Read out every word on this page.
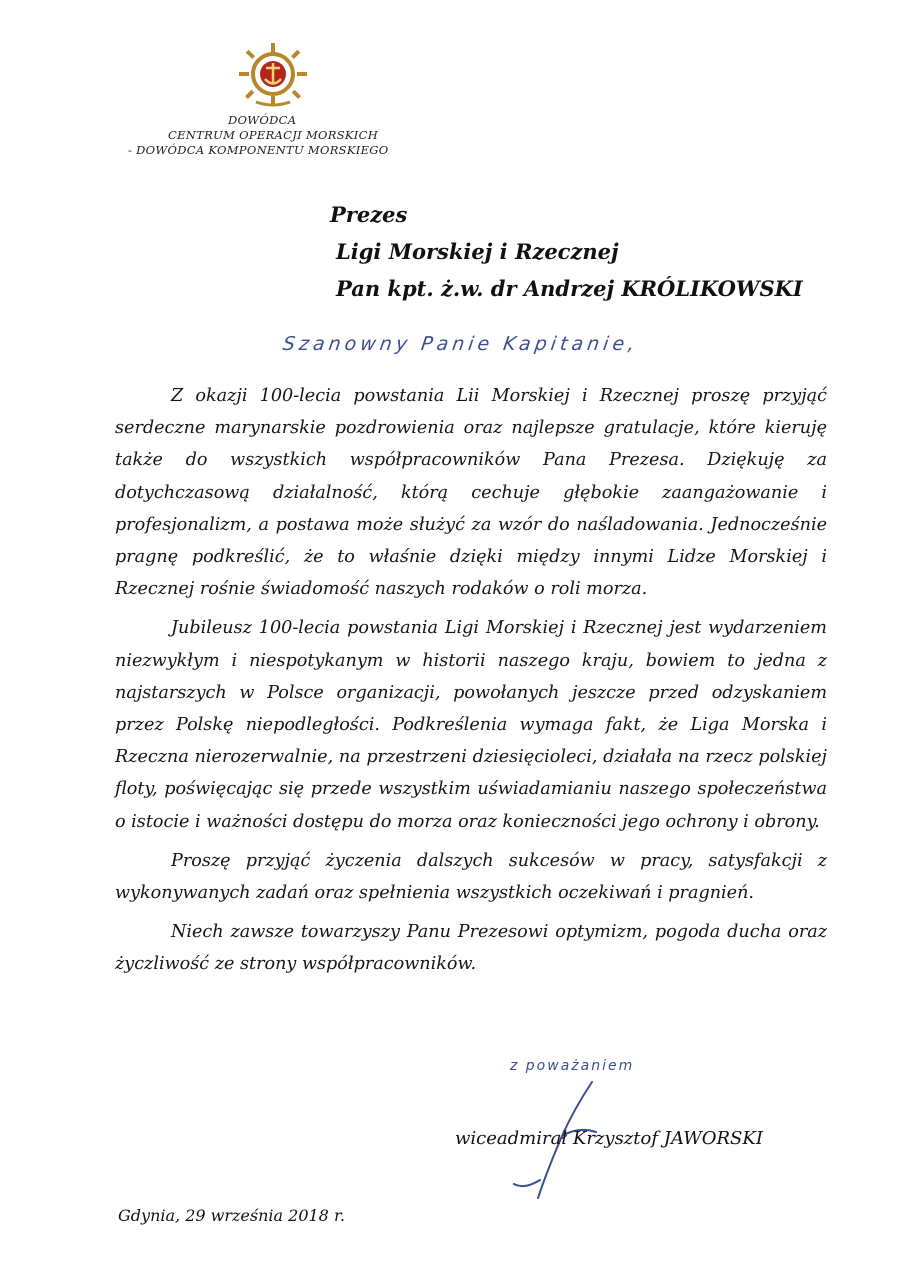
DOWÓDCA
CENTRUM OPERACJI MORSKICH
- DOWÓDCA KOMPONENTU MORSKIEGO
Prezes
Ligi Morskiej i Rzecznej
Pan kpt. ż.w. dr Andrzej KRÓLIKOWSKI
Szanowny Panie Kapitanie,

Z okazji 100-lecia powstania Lii Morskiej i Rzecznej proszę przyjąć serdeczne marynarskie pozdrowienia oraz najlepsze gratulacje, które kieruję także do wszystkich współpracowników Pana Prezesa. Dziękuję za dotychczasową działalność, którą cechuje głębokie zaangażowanie i profesjonalizm, a postawa może służyć za wzór do naśladowania. Jednocześnie pragnę podkreślić, że to właśnie dzięki między innymi Lidze Morskiej i Rzecznej rośnie świadomość naszych rodaków o roli morza.

Jubileusz 100-lecia powstania Ligi Morskiej i Rzecznej jest wydarzeniem niezwykłym i niespotykanym w historii naszego kraju, bowiem to jedna z najstarszych w Polsce organizacji, powołanych jeszcze przed odzyskaniem przez Polskę niepodległości. Podkreślenia wymaga fakt, że Liga Morska i Rzeczna nierozerwalnie, na przestrzeni dziesięcioleci, działała na rzecz polskiej floty, poświęcając się przede wszystkim uświadamianiu naszego społeczeństwa o istocie i ważności dostępu do morza oraz konieczności jego ochrony i obrony.

Proszę przyjąć życzenia dalszych sukcesów w pracy, satysfakcji z wykonywanych zadań oraz spełnienia wszystkich oczekiwań i pragnień.

Niech zawsze towarzyszy Panu Prezesowi optymizm, pogoda ducha oraz życzliwość ze strony współpracowników.

z poważaniem
wiceadmirał Krzysztof JAWORSKI
Gdynia, 29 września 2018 r.
